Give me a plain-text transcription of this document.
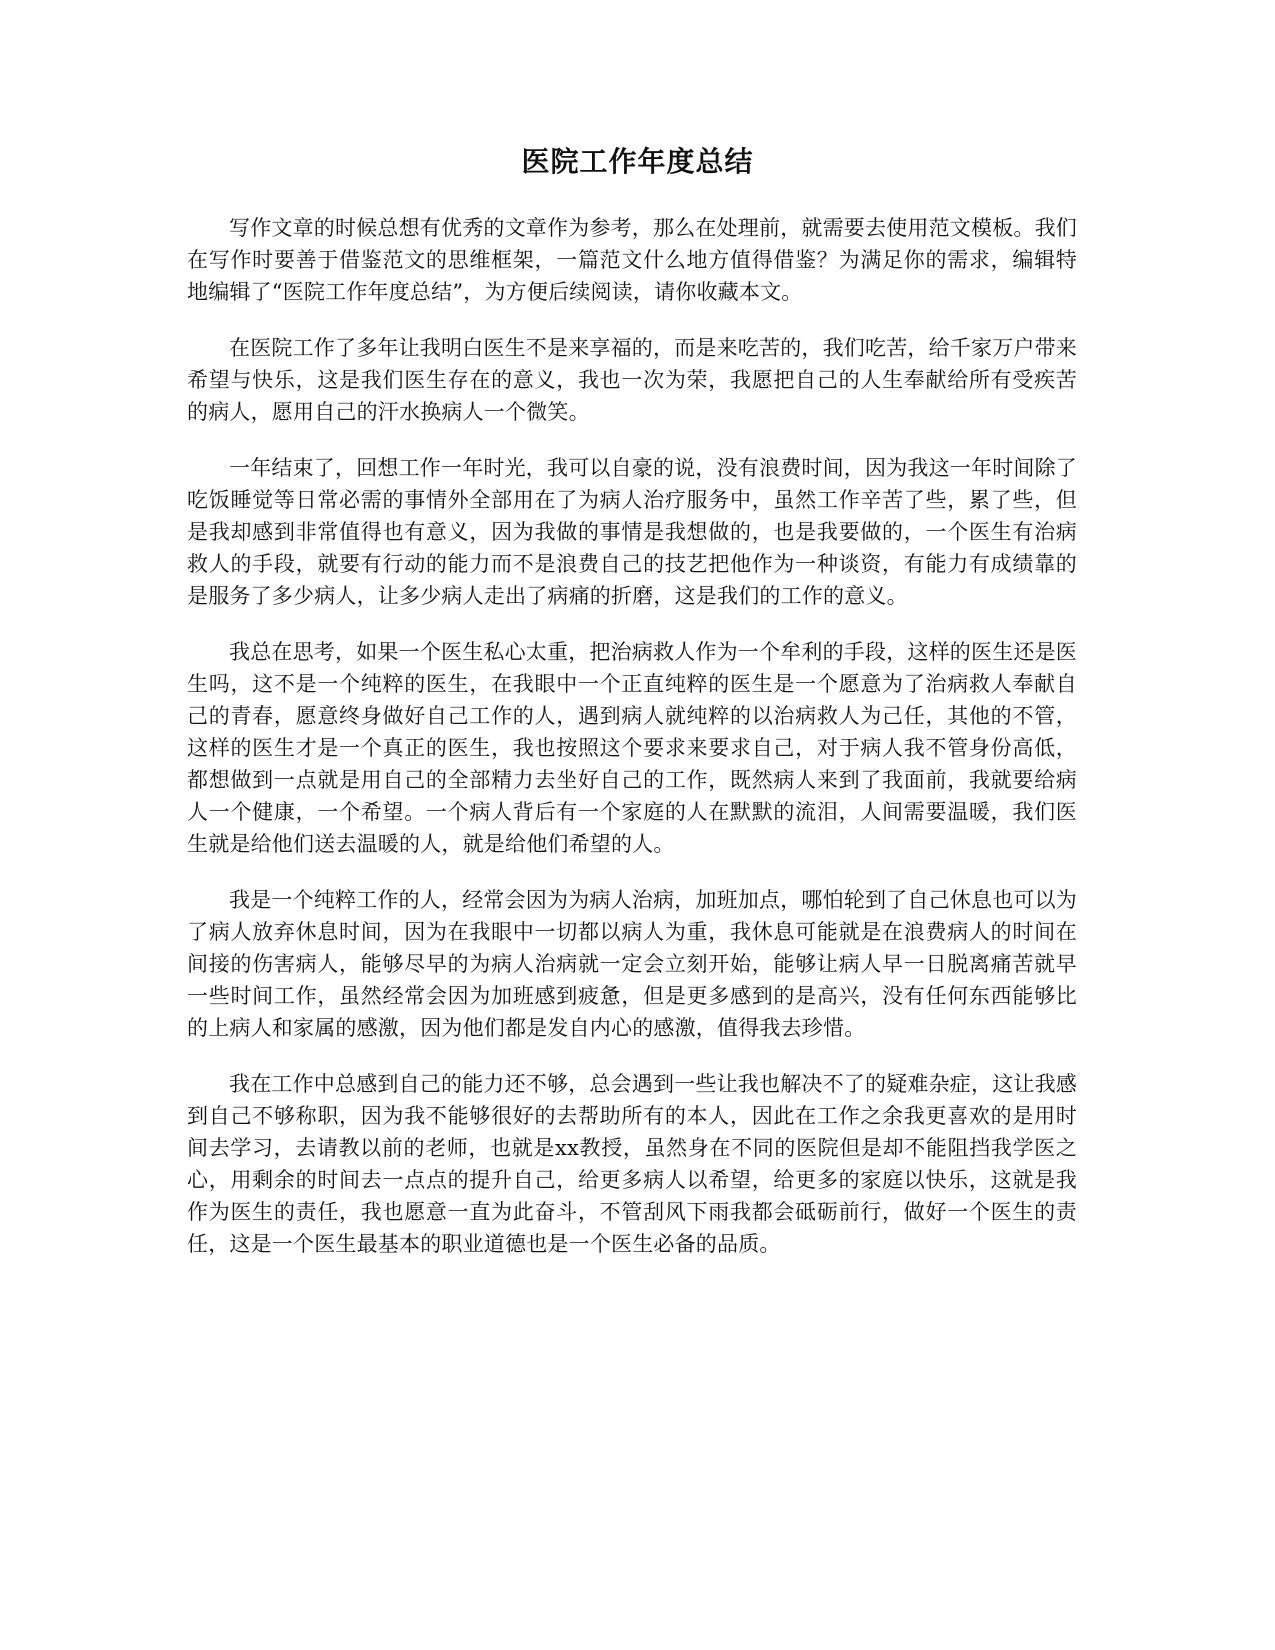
医院工作年度总结

写作文章的时候总想有优秀的文章作为参考，那么在处理前，就需要去使用范文模板。我们在写作时要善于借鉴范文的思维框架，一篇范文什么地方值得借鉴？为满足你的需求，编辑特地编辑了“医院工作年度总结”，为方便后续阅读，请你收藏本文。

在医院工作了多年让我明白医生不是来享福的，而是来吃苦的，我们吃苦，给千家万户带来希望与快乐，这是我们医生存在的意义，我也一次为荣，我愿把自己的人生奉献给所有受疾苦的病人，愿用自己的汗水换病人一个微笑。

一年结束了，回想工作一年时光，我可以自豪的说，没有浪费时间，因为我这一年时间除了吃饭睡觉等日常必需的事情外全部用在了为病人治疗服务中，虽然工作辛苦了些，累了些，但是我却感到非常值得也有意义，因为我做的事情是我想做的，也是我要做的，一个医生有治病救人的手段，就要有行动的能力而不是浪费自己的技艺把他作为一种谈资，有能力有成绩靠的是服务了多少病人，让多少病人走出了病痛的折磨，这是我们的工作的意义。

我总在思考，如果一个医生私心太重，把治病救人作为一个牟利的手段，这样的医生还是医生吗，这不是一个纯粹的医生，在我眼中一个正直纯粹的医生是一个愿意为了治病救人奉献自己的青春，愿意终身做好自己工作的人，遇到病人就纯粹的以治病救人为己任，其他的不管，这样的医生才是一个真正的医生，我也按照这个要求来要求自己，对于病人我不管身份高低，都想做到一点就是用自己的全部精力去坐好自己的工作，既然病人来到了我面前，我就要给病人一个健康，一个希望。一个病人背后有一个家庭的人在默默的流泪，人间需要温暖，我们医生就是给他们送去温暖的人，就是给他们希望的人。

我是一个纯粹工作的人，经常会因为为病人治病，加班加点，哪怕轮到了自己休息也可以为了病人放弃休息时间，因为在我眼中一切都以病人为重，我休息可能就是在浪费病人的时间在间接的伤害病人，能够尽早的为病人治病就一定会立刻开始，能够让病人早一日脱离痛苦就早一些时间工作，虽然经常会因为加班感到疲惫，但是更多感到的是高兴，没有任何东西能够比的上病人和家属的感激，因为他们都是发自内心的感激，值得我去珍惜。

我在工作中总感到自己的能力还不够，总会遇到一些让我也解决不了的疑难杂症，这让我感到自己不够称职，因为我不能够很好的去帮助所有的本人，因此在工作之余我更喜欢的是用时间去学习，去请教以前的老师，也就是xx教授，虽然身在不同的医院但是却不能阻挡我学医之心，用剩余的时间去一点点的提升自己，给更多病人以希望，给更多的家庭以快乐，这就是我作为医生的责任，我也愿意一直为此奋斗，不管刮风下雨我都会砥砺前行，做好一个医生的责任，这是一个医生最基本的职业道德也是一个医生必备的品质。
